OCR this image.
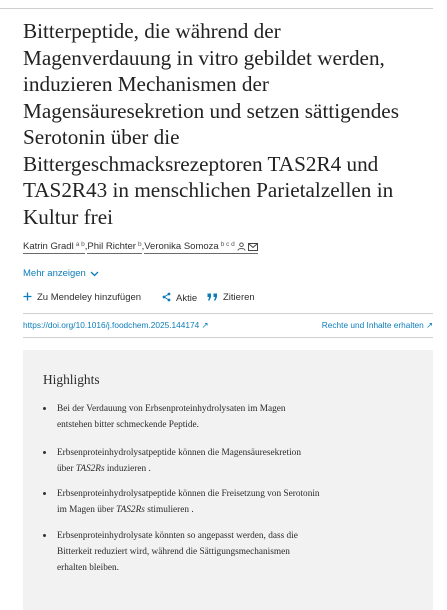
Bitterpeptide, die während der
Magenverdauung in vitro gebildet werden,
induzieren Mechanismen der
Magensäuresekretion und setzen sättigendes
Serotonin über die
Bittergeschmacksrezeptoren TAS2R4 und
TAS2R43 in menschlichen Parietalzellen in
Kultur frei
Katrin Gradl $^{a b}$,Phil Richter $^b$,Veronika Somoza $^{b c d}$
Mehr anzeigen
Zu Mendeley hinzufügen	Aktie	Zitieren
https://doi.org/10.1016/j.foodchem.2025.144174 ↗	Rechte und Inhalte erhalten ↗
Highlights
Bei der Verdauung von Erbsenproteinhydrolysaten im Magen
entstehen bitter schmeckende Peptide.
Erbsenproteinhydrolysatpeptide können die Magensäuresekretion
über TAS2Rs induzieren .
Erbsenproteinhydrolysatpeptide können die Freisetzung von Serotonin
im Magen über TAS2Rs stimulieren .
Erbsenproteinhydrolysate könnten so angepasst werden, dass die
Bitterkeit reduziert wird, während die Sättigungsmechanismen
erhalten bleiben.
